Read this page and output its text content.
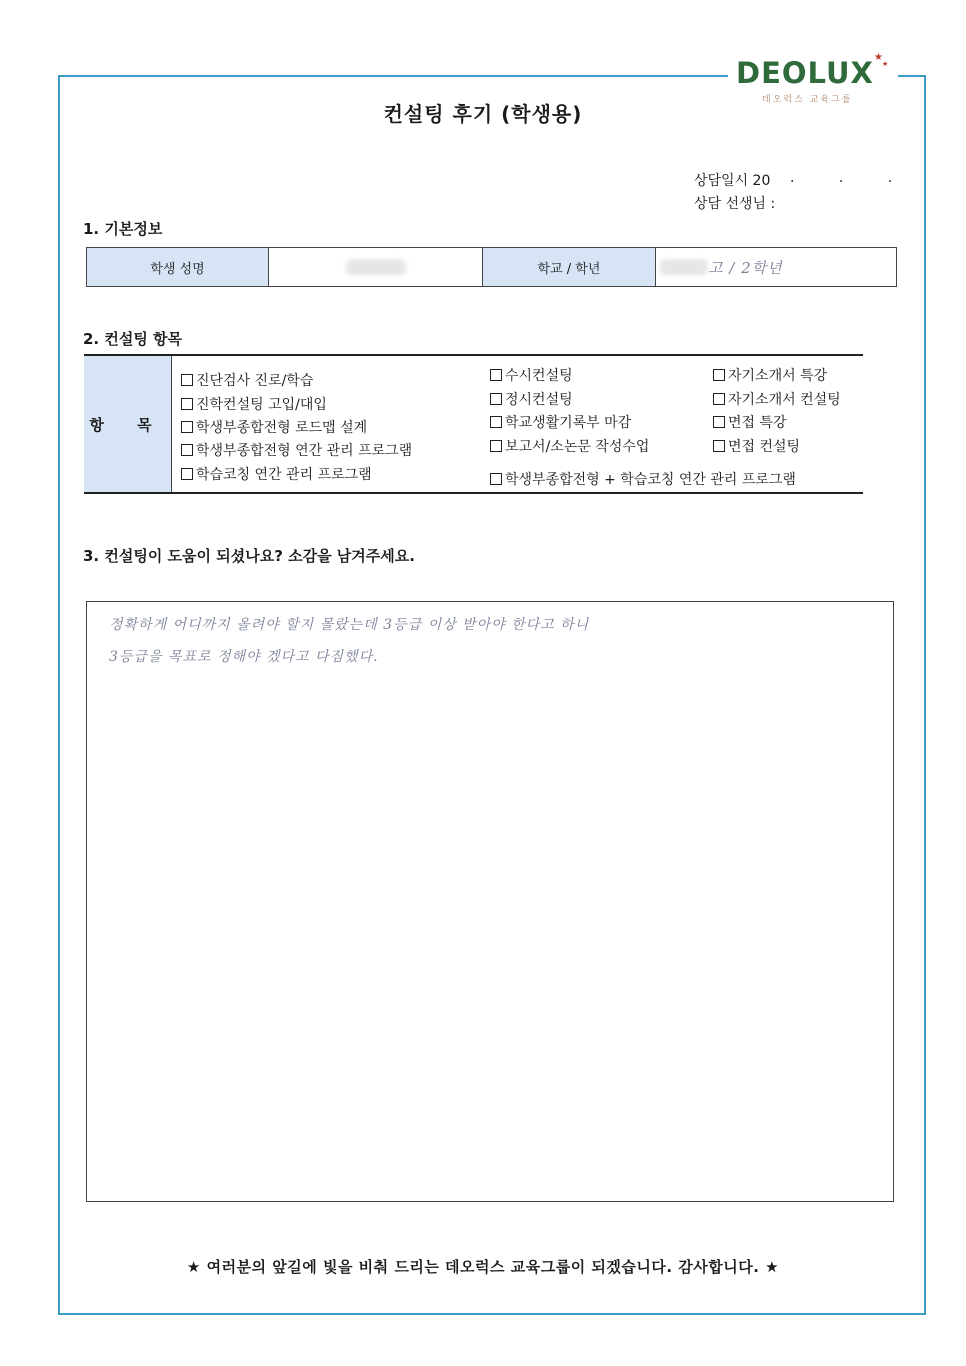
DEOLUX ★
★
데오럭스 교육그룹
컨설팅 후기 (학생용)
상담일시 20 . . .
상담 선생님 :
1. 기본정보
학생 성명	학교 / 학년	고 / 2학년
2. 컨설팅 항목
항 목
진단검사 진로/학습
진학컨설팅 고입/대입
학생부종합전형 로드맵 설계
학생부종합전형 연간 관리 프로그램
학습코칭 연간 관리 프로그램
수시컨설팅
정시컨설팅
학교생활기록부 마감
보고서/소논문 작성수업
자기소개서 특강
자기소개서 컨설팅
면접 특강
면접 컨설팅
학생부종합전형 + 학습코칭 연간 관리 프로그램
3. 컨설팅이 도움이 되셨나요? 소감을 남겨주세요.
정확하게 어디까지 올려야 할지 몰랐는데 3등급 이상 받아야 한다고 하니
3등급을 목표로 정해야 겠다고 다짐했다.
★ 여러분의 앞길에 빛을 비춰 드리는 데오럭스 교육그룹이 되겠습니다. 감사합니다. ★
